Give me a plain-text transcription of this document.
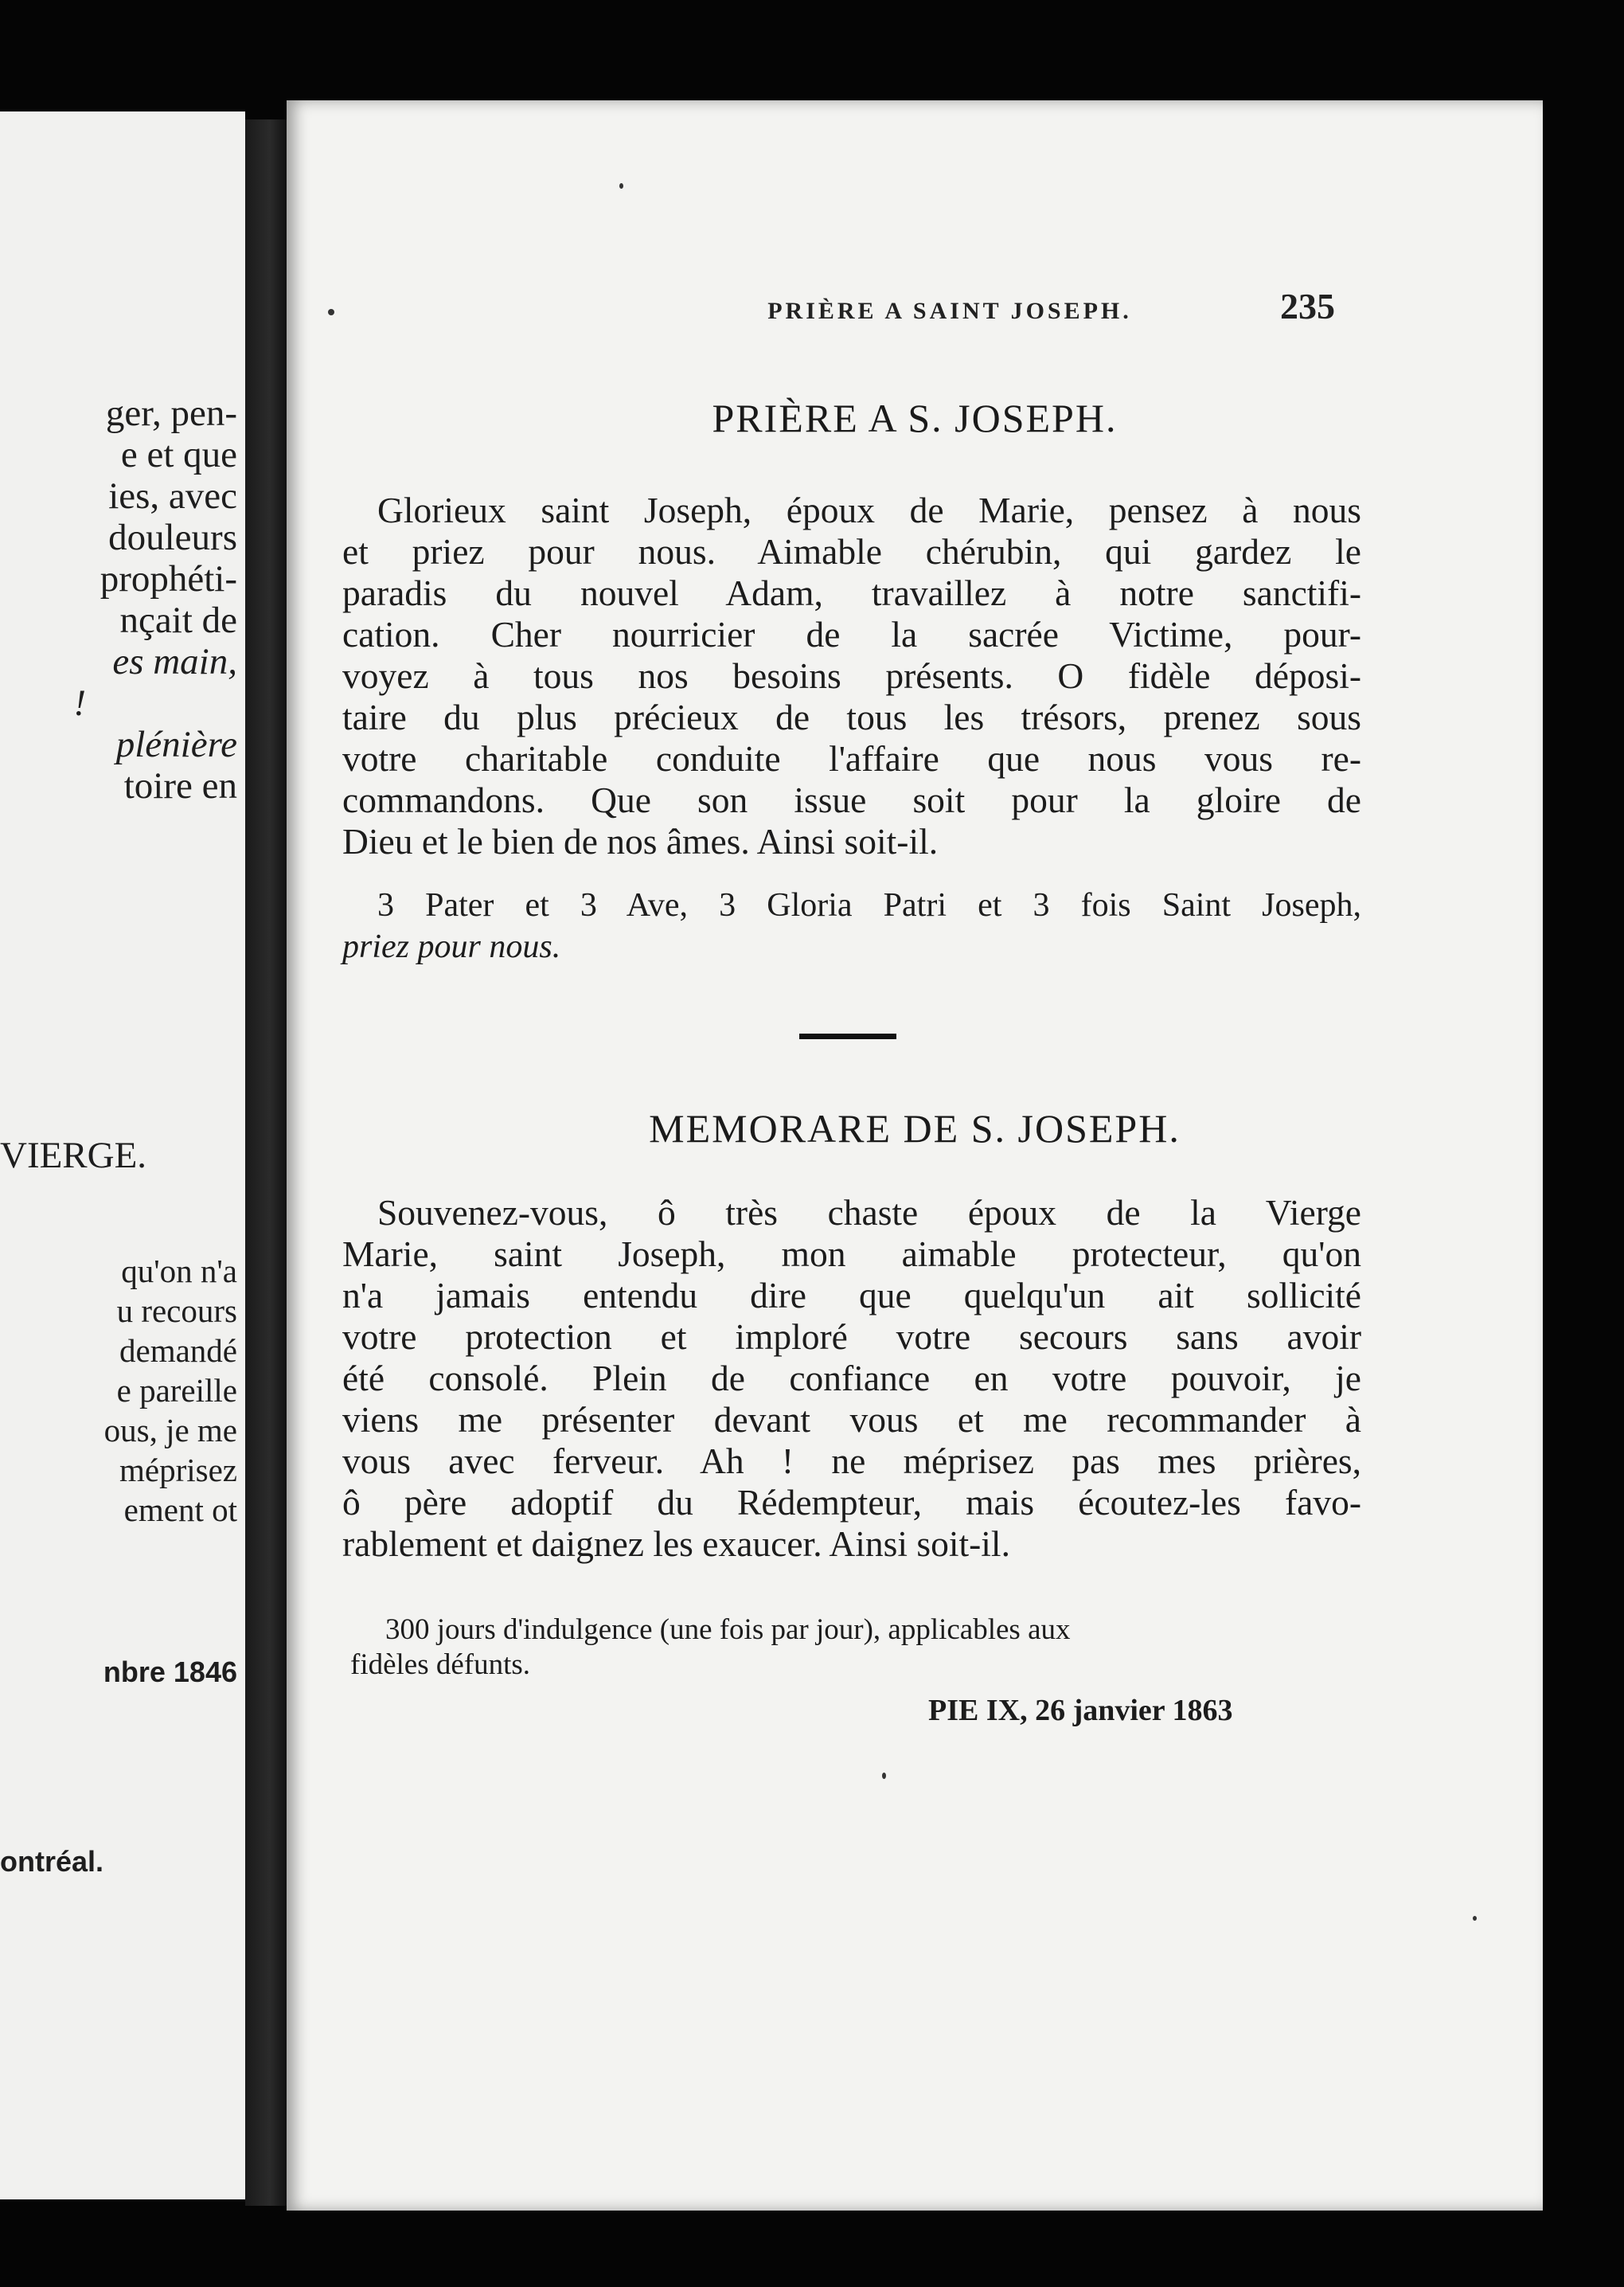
ger, pen-
e et que
ies, avec
douleurs
prophéti-
nçait de
es main,
!
plénière
toire en
VIERGE.
qu'on n'a
u recours
demandé
e pareille
ous, je me
méprisez
ement ot
nbre 1846
ontréal.
PRIÈRE A SAINT JOSEPH.	235
PRIÈRE A S. JOSEPH.
Glorieux saint Joseph, époux de Marie, pensez à nous
et priez pour nous. Aimable chérubin, qui gardez le
paradis du nouvel Adam, travaillez à notre sanctifi-
cation. Cher nourricier de la sacrée Victime, pour-
voyez à tous nos besoins présents. O fidèle déposi-
taire du plus précieux de tous les trésors, prenez sous
votre charitable conduite l'affaire que nous vous re-
commandons. Que son issue soit pour la gloire de
Dieu et le bien de nos âmes. Ainsi soit-il.
3 Pater et 3 Ave, 3 Gloria Patri et 3 fois Saint Joseph,
priez pour nous.
MEMORARE DE S. JOSEPH.
Souvenez-vous, ô très chaste époux de la Vierge
Marie, saint Joseph, mon aimable protecteur, qu'on
n'a jamais entendu dire que quelqu'un ait sollicité
votre protection et imploré votre secours sans avoir
été consolé. Plein de confiance en votre pouvoir, je
viens me présenter devant vous et me recommander à
vous avec ferveur. Ah ! ne méprisez pas mes prières,
ô père adoptif du Rédempteur, mais écoutez-les favo-
rablement et daignez les exaucer. Ainsi soit-il.
300 jours d'indulgence (une fois par jour), applicables aux
fidèles défunts.
PIE IX, 26 janvier 1863
